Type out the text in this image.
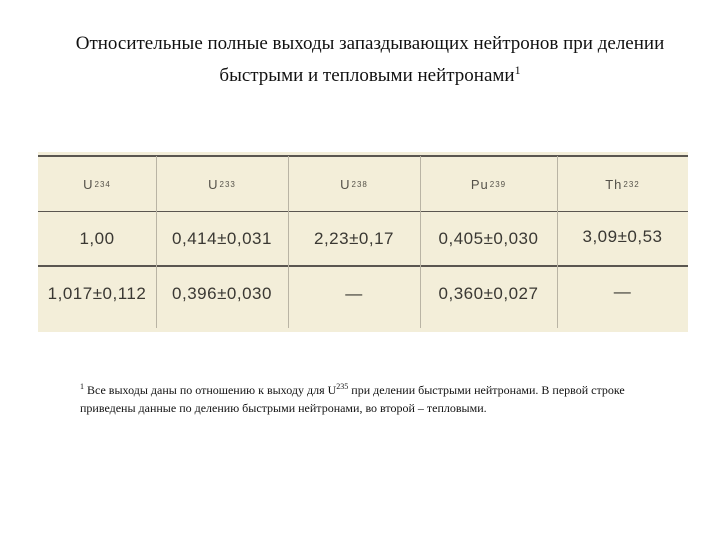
Относительные полные выходы запаздывающих нейтронов при делении
быстрыми и тепловыми нейтронами$^1$
U 234	U 233	U 238	Pu 239	Th 232
1,00	0,414±0,031	2,23±0,17	0,405±0,030	3,09±0,53
1,017±0,112	0,396±0,030	—	0,360±0,027	—
$^1$ Все выходы даны по отношению к выходу для $U^{235}$ при делении быстрыми нейтронами. В первой строке приведены данные по делению быстрыми нейтронами, во второй – тепловыми.
